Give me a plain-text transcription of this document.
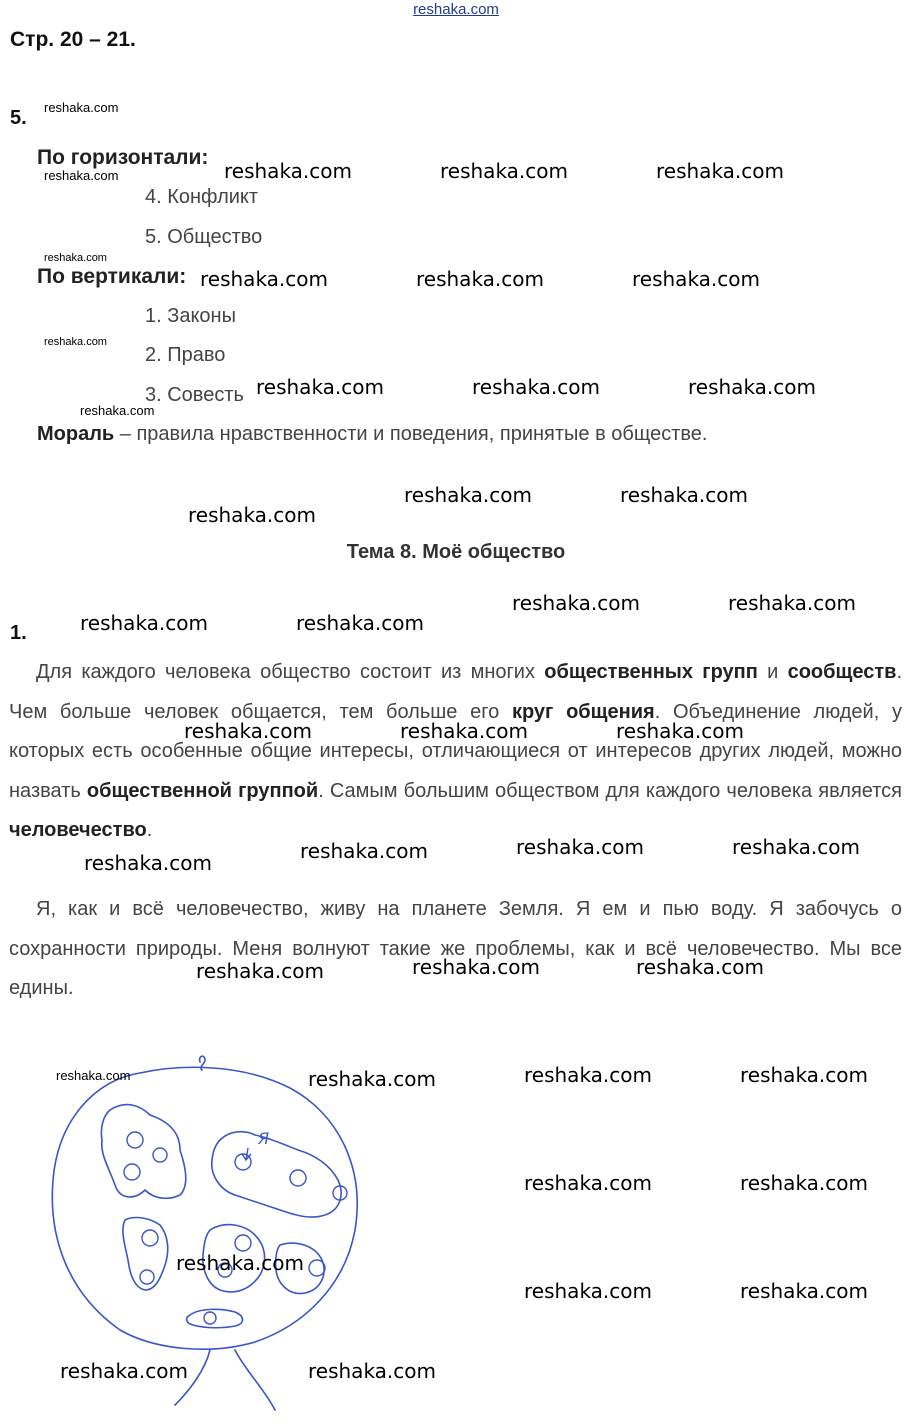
reshaka.com
Стр. 20 – 21.
5.
По горизонтали:
4. Конфликт
5. Общество
По вертикали:
1. Законы
2. Право
3. Совесть
Мораль – правила нравственности и поведения, принятые в обществе.
Тема 8. Моё общество
1.
Для каждого человека общество состоит из многих общественных групп и сообществ. Чем больше человек общается, тем больше его круг общения. Объединение людей, у которых есть особенные общие интересы, отличающиеся от интересов других людей, можно назвать общественной группой. Самым большим обществом для каждого человека является человечество.
Я, как и всё человечество, живу на планете Земля. Я ем и пью воду. Я забочусь о сохранности природы. Меня волнуют такие же проблемы, как и всё человечество. Мы все едины.
Я
reshaka.com
reshaka.com
reshaka.com
reshaka.com
reshaka.com
reshaka.com
reshaka.com	reshaka.com	reshaka.com
reshaka.com	reshaka.com	reshaka.com
reshaka.com	reshaka.com	reshaka.com
reshaka.com	reshaka.com
reshaka.com
reshaka.com	reshaka.com
reshaka.com	reshaka.com
reshaka.com	reshaka.com	reshaka.com
reshaka.com	reshaka.com
reshaka.com
reshaka.com
reshaka.com	reshaka.com
reshaka.com
reshaka.com	reshaka.com
reshaka.com
reshaka.com	reshaka.com
reshaka.com
reshaka.com	reshaka.com
reshaka.com	reshaka.com
